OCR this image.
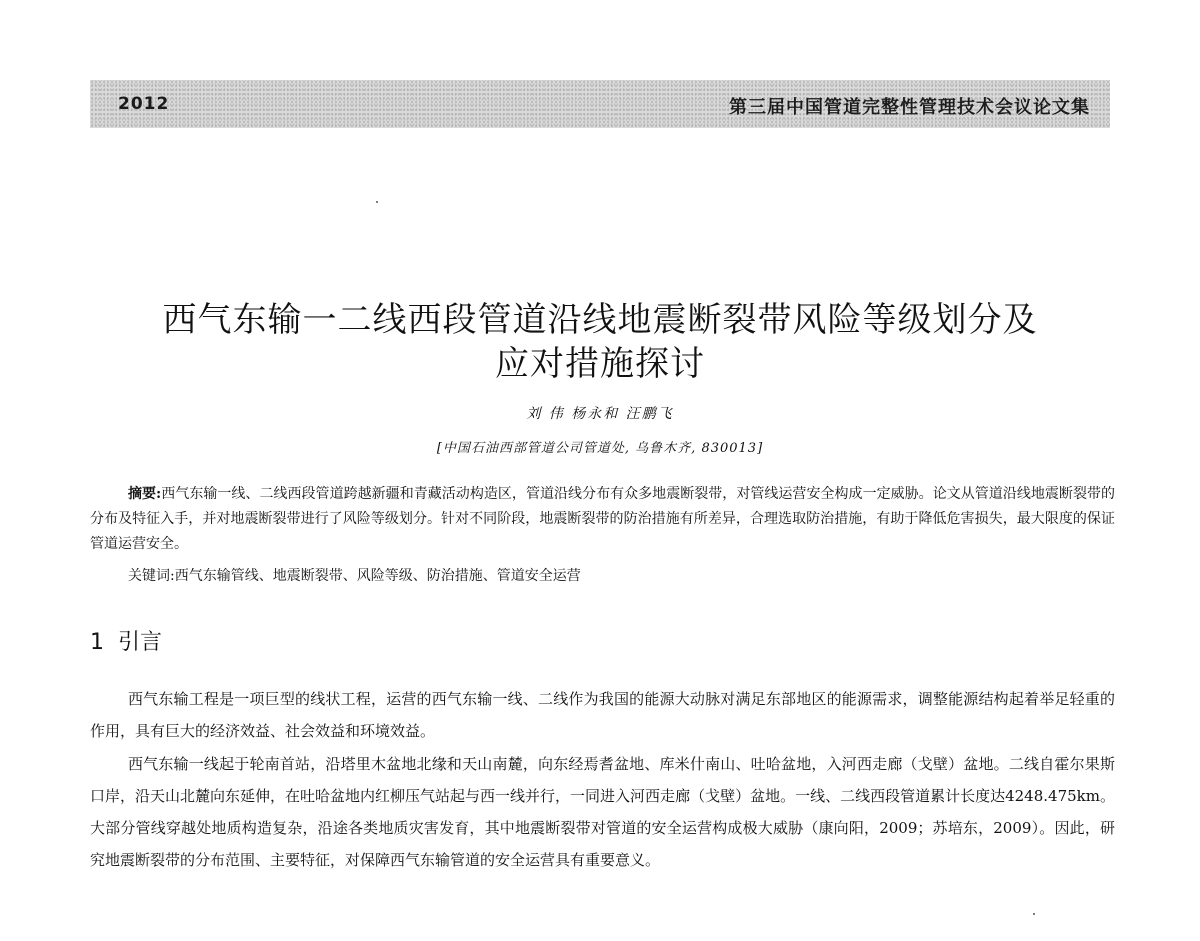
2012	第三届中国管道完整性管理技术会议论文集
西气东输一二线西段管道沿线地震断裂带风险等级划分及
应对措施探讨
刘 伟 杨永和 汪鹏飞
[中国石油西部管道公司管道处, 乌鲁木齐, 830013]

摘要:西气东输一线、二线西段管道跨越新疆和青藏活动构造区，管道沿线分布有众多地震断裂带，对管线运营安全构成一定威胁。论文从管道沿线地震断裂带的分布及特征入手，并对地震断裂带进行了风险等级划分。针对不同阶段，地震断裂带的防治措施有所差异，合理选取防治措施，有助于降低危害损失，最大限度的保证管道运营安全。

关键词:西气东输管线、地震断裂带、风险等级、防治措施、管道安全运营

1 引言

西气东输工程是一项巨型的线状工程，运营的西气东输一线、二线作为我国的能源大动脉对满足东部地区的能源需求，调整能源结构起着举足轻重的作用，具有巨大的经济效益、社会效益和环境效益。

西气东输一线起于轮南首站，沿塔里木盆地北缘和天山南麓，向东经焉耆盆地、库米什南山、吐哈盆地，入河西走廊（戈壁）盆地。二线自霍尔果斯口岸，沿天山北麓向东延伸，在吐哈盆地内红柳压气站起与西一线并行，一同进入河西走廊（戈壁）盆地。一线、二线西段管道累计长度达4248.475km。大部分管线穿越处地质构造复杂，沿途各类地质灾害发育，其中地震断裂带对管道的安全运营构成极大威胁（康向阳，2009；苏培东，2009）。因此，研究地震断裂带的分布范围、主要特征，对保障西气东输管道的安全运营具有重要意义。
